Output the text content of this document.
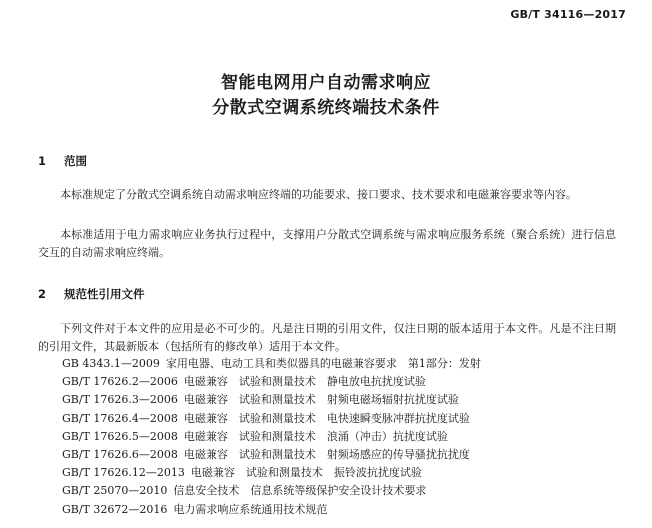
GB/T 34116—2017
智能电网用户自动需求响应
分散式空调系统终端技术条件
1 范围

本标准规定了分散式空调系统自动需求响应终端的功能要求、接口要求、技术要求和电磁兼容要求等内容。

本标准适用于电力需求响应业务执行过程中，支撑用户分散式空调系统与需求响应服务系统（聚合系统）进行信息交互的自动需求响应终端。

2 规范性引用文件

下列文件对于本文件的应用是必不可少的。凡是注日期的引用文件，仅注日期的版本适用于本文件。凡是不注日期的引用文件，其最新版本（包括所有的修改单）适用于本文件。

GB 4343.1—2009 家用电器、电动工具和类似器具的电磁兼容要求　第1部分：发射
GB/T 17626.2—2006 电磁兼容　试验和测量技术　静电放电抗扰度试验
GB/T 17626.3—2006 电磁兼容　试验和测量技术　射频电磁场辐射抗扰度试验
GB/T 17626.4—2008 电磁兼容　试验和测量技术　电快速瞬变脉冲群抗扰度试验
GB/T 17626.5—2008 电磁兼容　试验和测量技术　浪涌（冲击）抗扰度试验
GB/T 17626.6—2008 电磁兼容　试验和测量技术　射频场感应的传导骚扰抗扰度
GB/T 17626.12—2013 电磁兼容　试验和测量技术　振铃波抗扰度试验
GB/T 25070—2010 信息安全技术　信息系统等级保护安全设计技术要求
GB/T 32672—2016 电力需求响应系统通用技术规范
